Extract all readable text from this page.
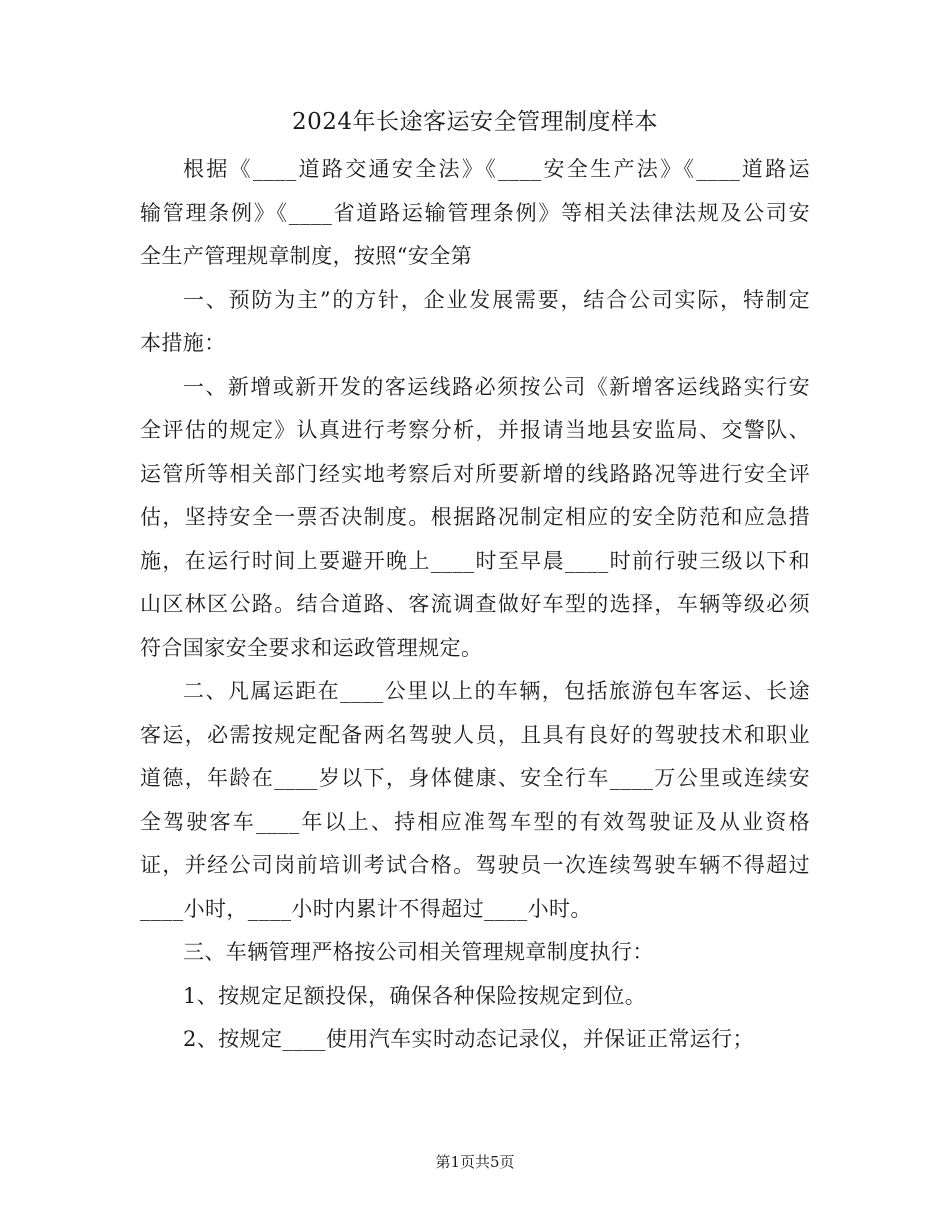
2024年长途客运安全管理制度样本
根据《____道路交通安全法》《____安全生产法》《____道路运
输管理条例》《____省道路运输管理条例》等相关法律法规及公司安
全生产管理规章制度，按照“安全第
一、预防为主”的方针，企业发展需要，结合公司实际，特制定
本措施：
一、新增或新开发的客运线路必须按公司《新增客运线路实行安
全评估的规定》认真进行考察分析，并报请当地县安监局、交警队、
运管所等相关部门经实地考察后对所要新增的线路路况等进行安全评
估，坚持安全一票否决制度。根据路况制定相应的安全防范和应急措
施，在运行时间上要避开晚上____时至早晨____时前行驶三级以下和
山区林区公路。结合道路、客流调查做好车型的选择，车辆等级必须
符合国家安全要求和运政管理规定。
二、凡属运距在____公里以上的车辆，包括旅游包车客运、长途
客运，必需按规定配备两名驾驶人员，且具有良好的驾驶技术和职业
道德，年龄在____岁以下，身体健康、安全行车____万公里或连续安
全驾驶客车____年以上、持相应准驾车型的有效驾驶证及从业资格
证，并经公司岗前培训考试合格。驾驶员一次连续驾驶车辆不得超过
____小时，____小时内累计不得超过____小时。
三、车辆管理严格按公司相关管理规章制度执行：
1、按规定足额投保，确保各种保险按规定到位。
2、按规定____使用汽车实时动态记录仪，并保证正常运行；
第1页共5页
